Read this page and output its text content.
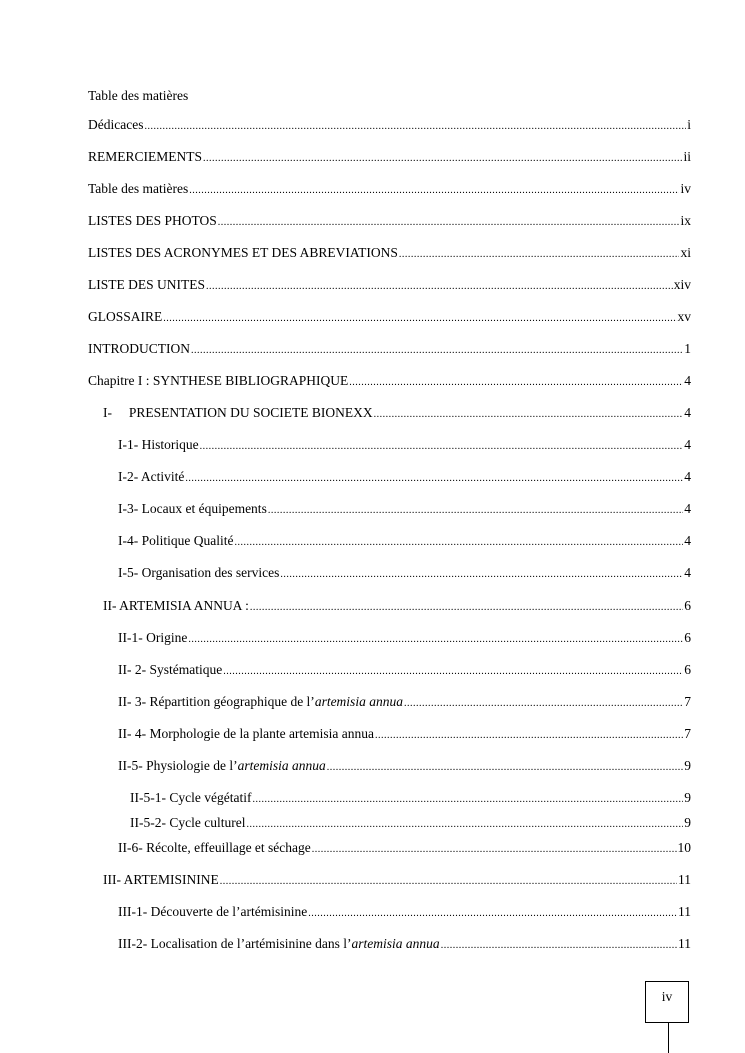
Table des matières
Dédicaces .....	i
REMERCIEMENTS .....	ii
Table des matières .....	iv
LISTES DES PHOTOS .....	ix
LISTES DES ACRONYMES ET DES ABREVIATIONS .....	xi
LISTE DES UNITES .....	xiv
GLOSSAIRE .....	xv
INTRODUCTION .....	1
Chapitre I : SYNTHESE BIBLIOGRAPHIQUE .....	4
I-     PRESENTATION DU SOCIETE BIONEXX .....	4
I-1- Historique .....	4
I-2- Activité .....	4
I-3- Locaux et équipements .....	4
I-4- Politique Qualité .....	4
I-5- Organisation des services .....	4
II- ARTEMISIA ANNUA : .....	6
II-1- Origine .....	6
II- 2- Systématique .....	6
II- 3- Répartition géographique de l’artemisia annua .....	7
II- 4- Morphologie de la plante artemisia annua .....	7
II-5- Physiologie de l’artemisia annua .....	9
II-5-1- Cycle végétatif .....	9
II-5-2- Cycle culturel .....	9
II-6- Récolte, effeuillage et séchage .....	10
III- ARTEMISININE .....	11
III-1- Découverte de l’artémisinine .....	11
III-2- Localisation de l’artémisinine dans l’artemisia annua .....	11
iv
